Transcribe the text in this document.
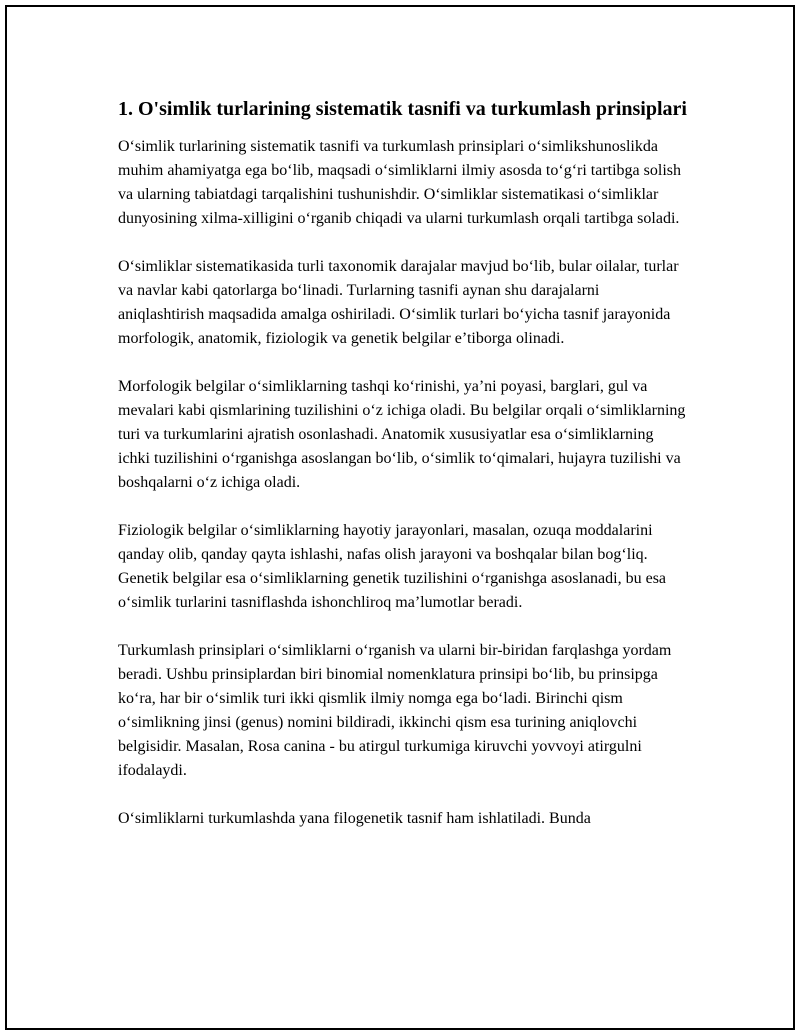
1. O'simlik turlarining sistematik tasnifi va turkumlash prinsiplari

O‘simlik turlarining sistematik tasnifi va turkumlash prinsiplari o‘simlikshunoslikda muhim ahamiyatga ega bo‘lib, maqsadi o‘simliklarni ilmiy asosda to‘g‘ri tartibga solish va ularning tabiatdagi tarqalishini tushunishdir. O‘simliklar sistematikasi o‘simliklar dunyosining xilma-xilligini o‘rganib chiqadi va ularni turkumlash orqali tartibga soladi.

O‘simliklar sistematikasida turli taxonomik darajalar mavjud bo‘lib, bular oilalar, turlar va navlar kabi qatorlarga bo‘linadi. Turlarning tasnifi aynan shu darajalarni aniqlashtirish maqsadida amalga oshiriladi. O‘simlik turlari bo‘yicha tasnif jarayonida morfologik, anatomik, fiziologik va genetik belgilar e’tiborga olinadi.

Morfologik belgilar o‘simliklarning tashqi ko‘rinishi, ya’ni poyasi, barglari, gul va mevalari kabi qismlarining tuzilishini o‘z ichiga oladi. Bu belgilar orqali o‘simliklarning turi va turkumlarini ajratish osonlashadi. Anatomik xususiyatlar esa o‘simliklarning ichki tuzilishini o‘rganishga asoslangan bo‘lib, o‘simlik to‘qimalari, hujayra tuzilishi va boshqalarni o‘z ichiga oladi.

Fiziologik belgilar o‘simliklarning hayotiy jarayonlari, masalan, ozuqa moddalarini qanday olib, qanday qayta ishlashi, nafas olish jarayoni va boshqalar bilan bog‘liq. Genetik belgilar esa o‘simliklarning genetik tuzilishini o‘rganishga asoslanadi, bu esa o‘simlik turlarini tasniflashda ishonchliroq ma’lumotlar beradi.

Turkumlash prinsiplari o‘simliklarni o‘rganish va ularni bir-biridan farqlashga yordam beradi. Ushbu prinsiplardan biri binomial nomenklatura prinsipi bo‘lib, bu prinsipga ko‘ra, har bir o‘simlik turi ikki qismlik ilmiy nomga ega bo‘ladi. Birinchi qism o‘simlikning jinsi (genus) nomini bildiradi, ikkinchi qism esa turining aniqlovchi belgisidir. Masalan, Rosa canina - bu atirgul turkumiga kiruvchi yovvoyi atirgulni ifodalaydi.

O‘simliklarni turkumlashda yana filogenetik tasnif ham ishlatiladi. Bunda
